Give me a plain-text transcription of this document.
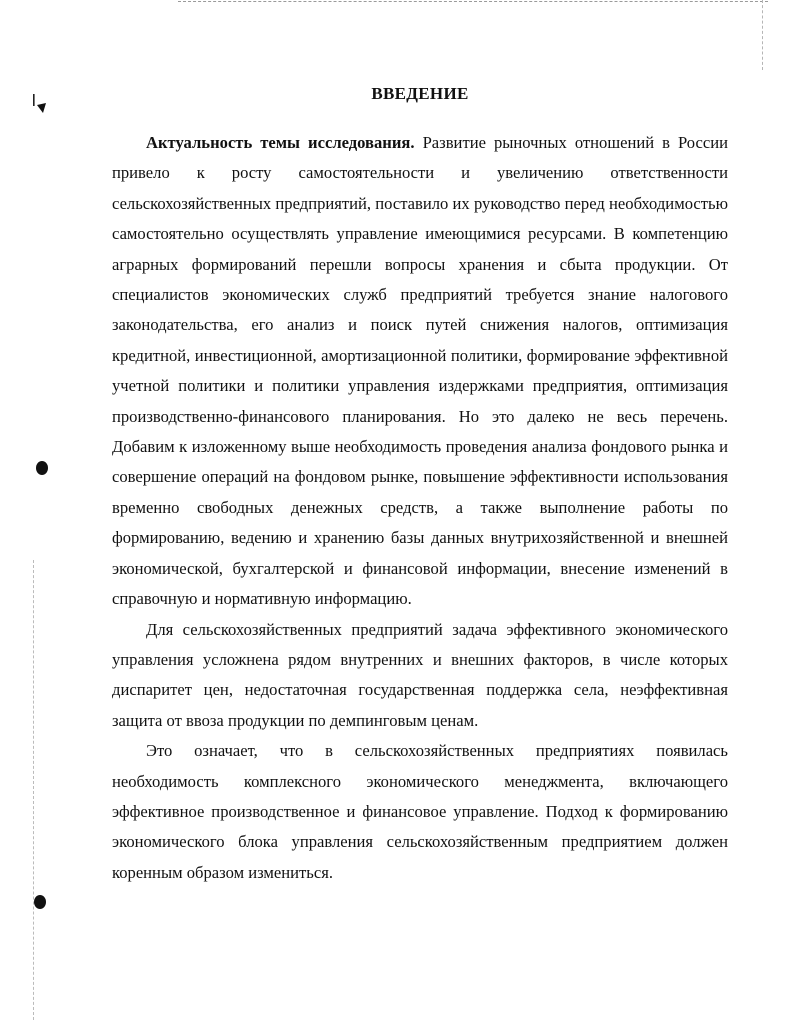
ВВЕДЕНИЕ

Актуальность темы исследования. Развитие рыночных отношений в России привело к росту самостоятельности и увеличению ответственности сельскохозяйственных предприятий, поставило их руководство перед необходимостью самостоятельно осуществлять управление имеющимися ресурсами. В компетенцию аграрных формирований перешли вопросы хранения и сбыта продукции. От специалистов экономических служб предприятий требуется знание налогового законодательства, его анализ и поиск путей снижения налогов, оптимизация кредитной, инвестиционной, амортизационной политики, формирование эффективной учетной политики и политики управления издержками предприятия, оптимизация производственно-финансового планирования. Но это далеко не весь перечень. Добавим к изложенному выше необходимость проведения анализа фондового рынка и совершение операций на фондовом рынке, повышение эффективности использования временно свободных денежных средств, а также выполнение работы по формированию, ведению и хранению базы данных внутрихозяйственной и внешней экономической, бухгалтерской и финансовой информации, внесение изменений в справочную и нормативную информацию.

Для сельскохозяйственных предприятий задача эффективного экономического управления усложнена рядом внутренних и внешних факторов, в числе которых диспаритет цен, недостаточная государственная поддержка села, неэффективная защита от ввоза продукции по демпинговым ценам.

Это означает, что в сельскохозяйственных предприятиях появилась необходимость комплексного экономического менеджмента, включающего эффективное производственное и финансовое управление. Подход к формированию экономического блока управления сельскохозяйственным предприятием должен коренным образом измениться.
